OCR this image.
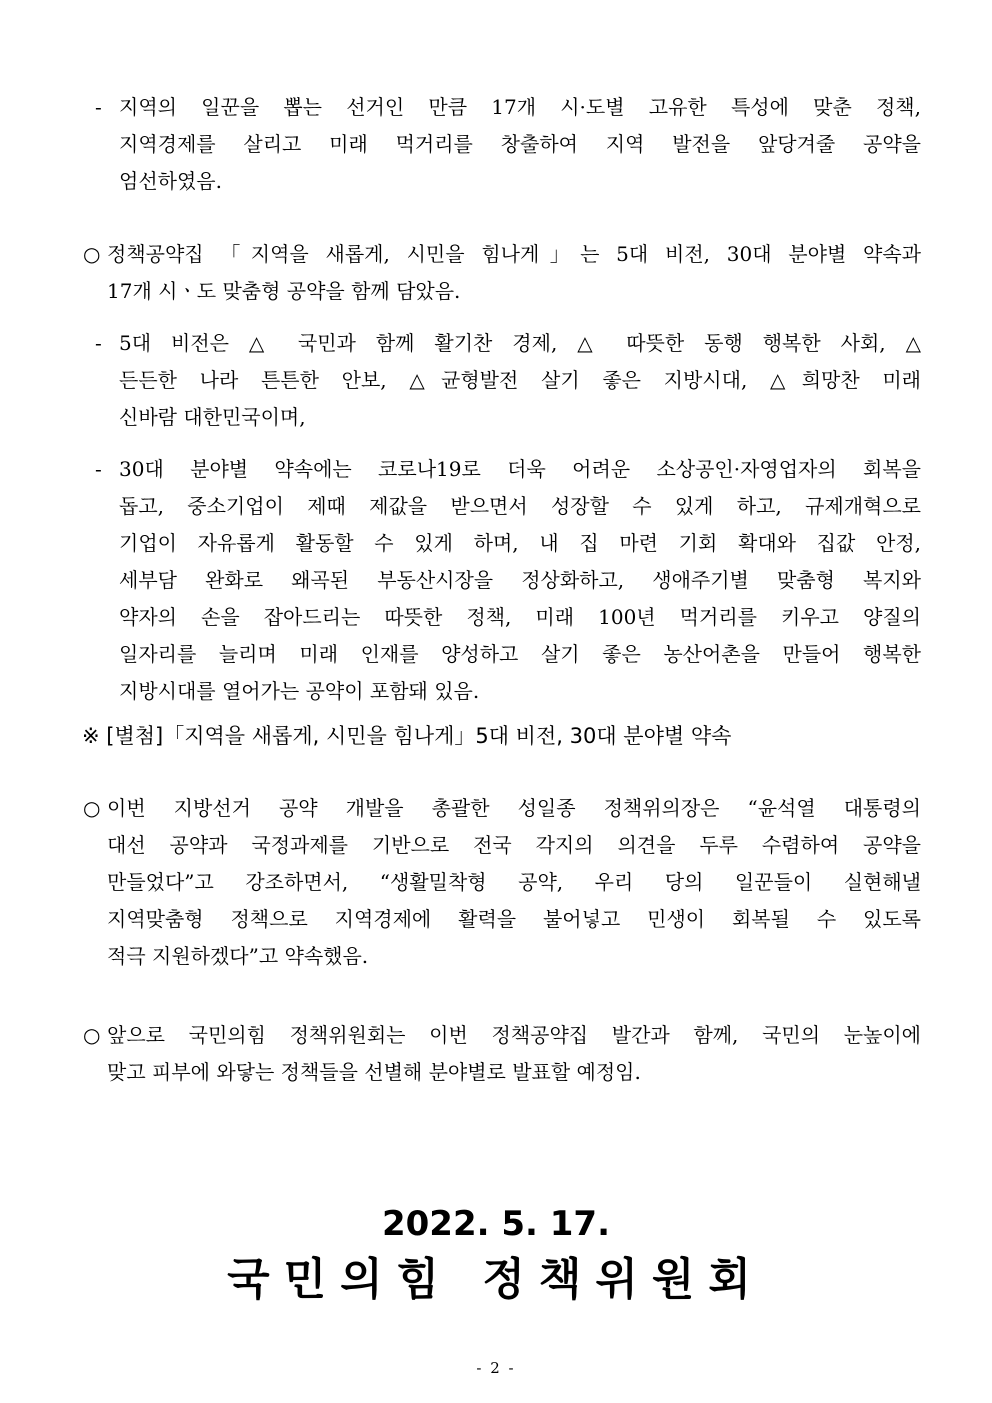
- 지역의 일꾼을 뽑는 선거인 만큼 17개 시·도별 고유한 특성에 맞춘 정책,
지역경제를 살리고 미래 먹거리를 창출하여 지역 발전을 앞당겨줄 공약을
엄선하였음.
○ 정책공약집 「지역을 새롭게, 시민을 힘나게」는 5대 비전, 30대 분야별 약속과
17개 시ㆍ도 맞춤형 공약을 함께 담았음.
- 5대 비전은 △ 국민과 함께 활기찬 경제, △ 따뜻한 동행 행복한 사회, △
든든한 나라 튼튼한 안보, △균형발전 살기 좋은 지방시대, △희망찬 미래
신바람 대한민국이며,
- 30대 분야별 약속에는 코로나19로 더욱 어려운 소상공인·자영업자의 회복을
돕고, 중소기업이 제때 제값을 받으면서 성장할 수 있게 하고, 규제개혁으로
기업이 자유롭게 활동할 수 있게 하며, 내 집 마련 기회 확대와 집값 안정,
세부담 완화로 왜곡된 부동산시장을 정상화하고, 생애주기별 맞춤형 복지와
약자의 손을 잡아드리는 따뜻한 정책, 미래 100년 먹거리를 키우고 양질의
일자리를 늘리며 미래 인재를 양성하고 살기 좋은 농산어촌을 만들어 행복한
지방시대를 열어가는 공약이 포함돼 있음.
○ 이번 지방선거 공약 개발을 총괄한 성일종 정책위의장은 “윤석열 대통령의
대선 공약과 국정과제를 기반으로 전국 각지의 의견을 두루 수렴하여 공약을
만들었다”고 강조하면서, “생활밀착형 공약, 우리 당의 일꾼들이 실현해낼
지역맞춤형 정책으로 지역경제에 활력을 불어넣고 민생이 회복될 수 있도록
적극 지원하겠다”고 약속했음.
○ 앞으로 국민의힘 정책위원회는 이번 정책공약집 발간과 함께, 국민의 눈높이에
맞고 피부에 와닿는 정책들을 선별해 분야별로 발표할 예정임.
※ [별첨]「지역을 새롭게, 시민을 힘나게」5대 비전, 30대 분야별 약속
2022. 5. 17.
국민의힘 정책위원회
- 2 -
